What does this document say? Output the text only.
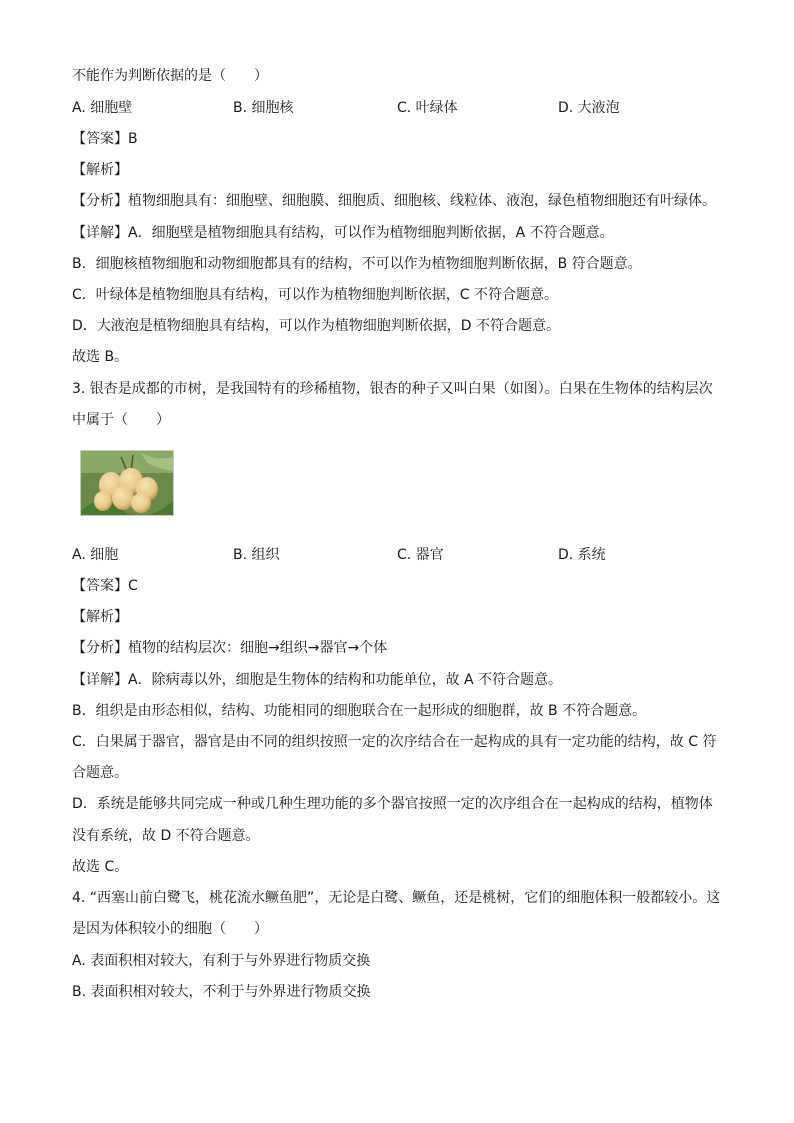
不能作为判断依据的是（　　）
A. 细胞壁	B. 细胞核	C. 叶绿体	D. 大液泡
【答案】B
【解析】
【分析】植物细胞具有：细胞壁、细胞膜、细胞质、细胞核、线粒体、液泡，绿色植物细胞还有叶绿体。
【详解】A．细胞壁是植物细胞具有结构，可以作为植物细胞判断依据，A 不符合题意。
B．细胞核植物细胞和动物细胞都具有的结构，不可以作为植物细胞判断依据，B 符合题意。
C．叶绿体是植物细胞具有结构，可以作为植物细胞判断依据，C 不符合题意。
D．大液泡是植物细胞具有结构，可以作为植物细胞判断依据，D 不符合题意。
故选 B。
3. 银杏是成都的市树，是我国特有的珍稀植物，银杏的种子又叫白果（如图）。白果在生物体的结构层次
中属于（　　）
A. 细胞	B. 组织	C. 器官	D. 系统
【答案】C
【解析】
【分析】植物的结构层次：细胞→组织→器官→个体
【详解】A．除病毒以外，细胞是生物体的结构和功能单位，故 A 不符合题意。
B．组织是由形态相似，结构、功能相同的细胞联合在一起形成的细胞群，故 B 不符合题意。
C．白果属于器官，器官是由不同的组织按照一定的次序结合在一起构成的具有一定功能的结构，故 C 符
合题意。
D．系统是能够共同完成一种或几种生理功能的多个器官按照一定的次序组合在一起构成的结构，植物体
没有系统，故 D 不符合题意。
故选 C。
4. “西塞山前白鹭飞，桃花流水鳜鱼肥”，无论是白鹭、鳜鱼，还是桃树，它们的细胞体积一般都较小。这
是因为体积较小的细胞（　　）
A. 表面积相对较大，有利于与外界进行物质交换
B. 表面积相对较大，不利于与外界进行物质交换
